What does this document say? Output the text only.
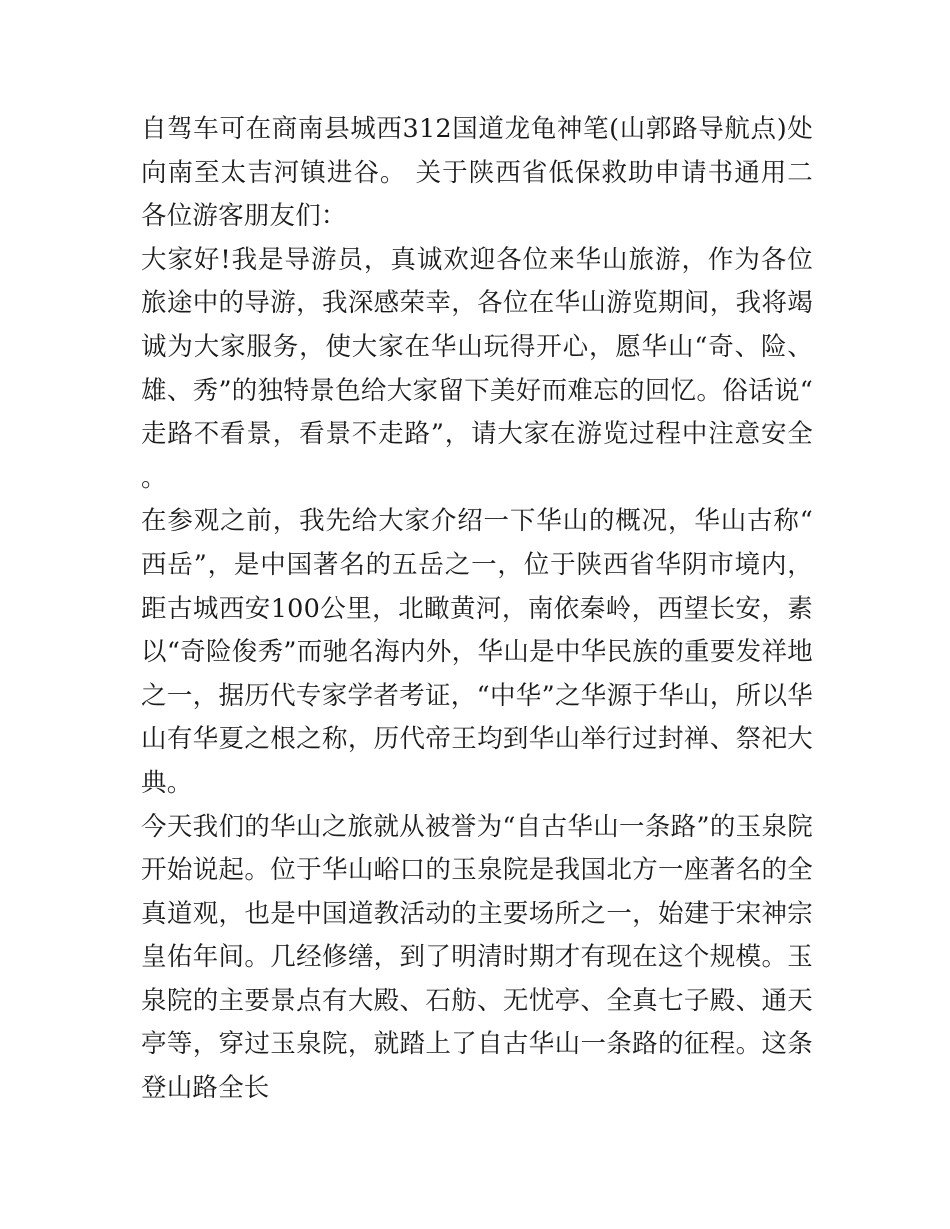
自驾车可在商南县城西312国道龙龟神笔(山郭路导航点)处向南至太吉河镇进谷。 关于陕西省低保救助申请书通用二 各位游客朋友们：

大家好!我是导游员，真诚欢迎各位来华山旅游，作为各位旅途中的导游，我深感荣幸，各位在华山游览期间，我将竭诚为大家服务，使大家在华山玩得开心，愿华山“奇、险、雄、秀”的独特景色给大家留下美好而难忘的回忆。俗话说“走路不看景，看景不走路”，请大家在游览过程中注意安全。

在参观之前，我先给大家介绍一下华山的概况，华山古称“西岳”，是中国著名的五岳之一，位于陕西省华阴市境内，距古城西安100公里，北瞰黄河，南依秦岭，西望长安，素以“奇险俊秀”而驰名海内外，华山是中华民族的重要发祥地之一，据历代专家学者考证，“中华”之华源于华山，所以华山有华夏之根之称，历代帝王均到华山举行过封禅、祭祀大典。

今天我们的华山之旅就从被誉为“自古华山一条路”的玉泉院开始说起。位于华山峪口的玉泉院是我国北方一座著名的全真道观，也是中国道教活动的主要场所之一，始建于宋神宗皇佑年间。几经修缮，到了明清时期才有现在这个规模。玉泉院的主要景点有大殿、石舫、无忧亭、全真七子殿、通天亭等，穿过玉泉院，就踏上了自古华山一条路的征程。这条登山路全长
